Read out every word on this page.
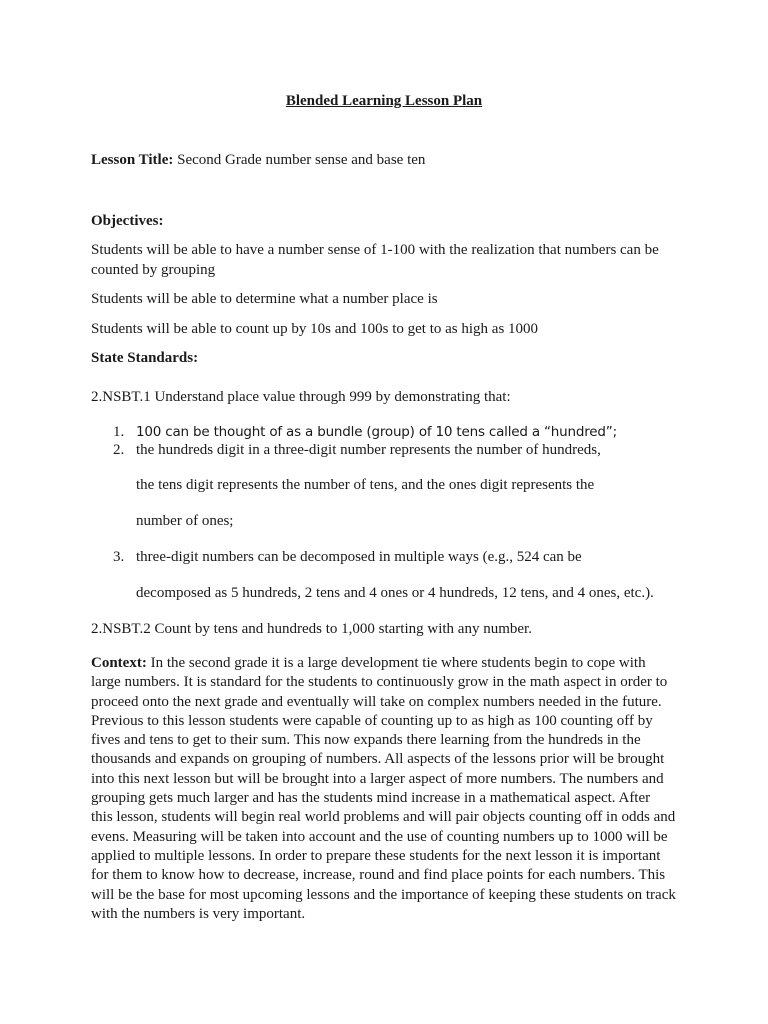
Blended Learning Lesson Plan
Lesson Title: Second Grade number sense and base ten
Objectives:
Students will be able to have a number sense of 1-100 with the realization that numbers can be
counted by grouping
Students will be able to determine what a number place is
Students will be able to count up by 10s and 100s to get to as high as 1000
State Standards:
2.NSBT.1 Understand place value through 999 by demonstrating that:
1. 100 can be thought of as a bundle (group) of 10 tens called a “hundred”;
2. the hundreds digit in a three-digit number represents the number of hundreds,
the tens digit represents the number of tens, and the ones digit represents the
number of ones;
3. three-digit numbers can be decomposed in multiple ways (e.g., 524 can be
decomposed as 5 hundreds, 2 tens and 4 ones or 4 hundreds, 12 tens, and 4 ones, etc.).
2.NSBT.2 Count by tens and hundreds to 1,000 starting with any number.
Context: In the second grade it is a large development tie where students begin to cope with
large numbers. It is standard for the students to continuously grow in the math aspect in order to
proceed onto the next grade and eventually will take on complex numbers needed in the future.
Previous to this lesson students were capable of counting up to as high as 100 counting off by
fives and tens to get to their sum. This now expands there learning from the hundreds in the
thousands and expands on grouping of numbers. All aspects of the lessons prior will be brought
into this next lesson but will be brought into a larger aspect of more numbers. The numbers and
grouping gets much larger and has the students mind increase in a mathematical aspect. After
this lesson, students will begin real world problems and will pair objects counting off in odds and
evens. Measuring will be taken into account and the use of counting numbers up to 1000 will be
applied to multiple lessons. In order to prepare these students for the next lesson it is important
for them to know how to decrease, increase, round and find place points for each numbers. This
will be the base for most upcoming lessons and the importance of keeping these students on track
with the numbers is very important.
